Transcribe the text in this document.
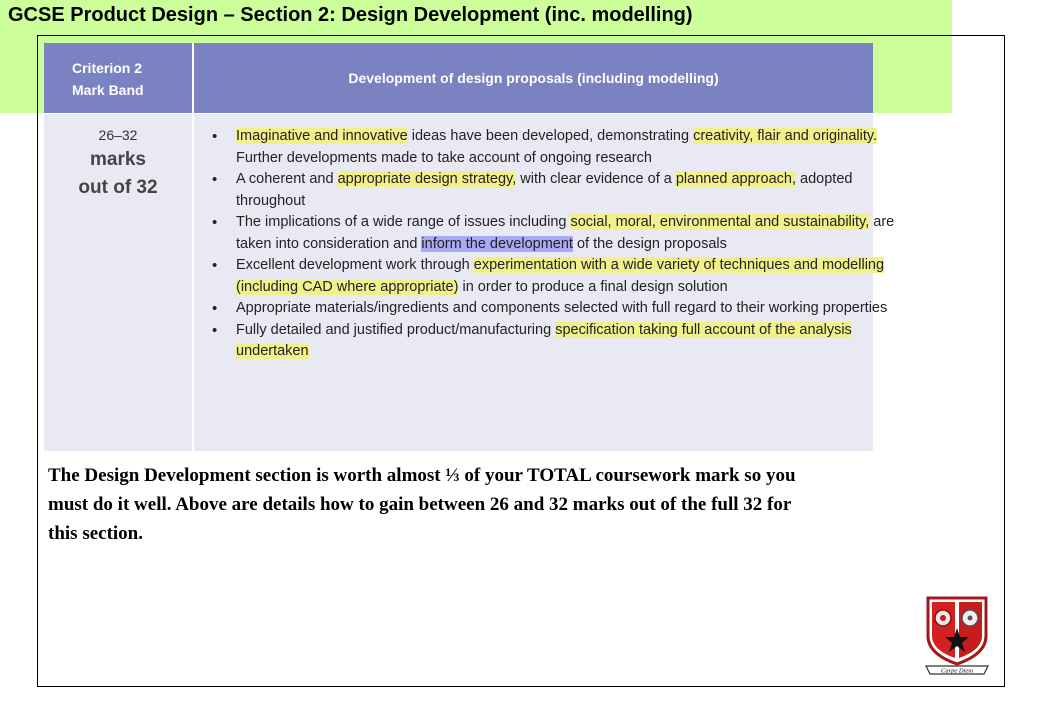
GCSE Product Design – Section 2: Design Development (inc. modelling)
Criterion 2
Mark Band
Development of design proposals (including modelling)
26–32
marks
out of 32
• Imaginative and innovative ideas have been developed, demonstrating creativity, flair and originality. Further developments made to take account of ongoing research
• A coherent and appropriate design strategy, with clear evidence of a planned approach, adopted throughout
• The implications of a wide range of issues including social, moral, environmental and sustainability, are taken into consideration and inform the development of the design proposals
• Excellent development work through experimentation with a wide variety of techniques and modelling (including CAD where appropriate) in order to produce a final design solution
• Appropriate materials/ingredients and components selected with full regard to their working properties
• Fully detailed and justified product/manufacturing specification taking full account of the analysis undertaken
The Design Development section is worth almost ⅓ of your TOTAL coursework mark so you must do it well. Above are details how to gain between 26 and 32 marks out of the full 32 for this section.
Carpe Diem
